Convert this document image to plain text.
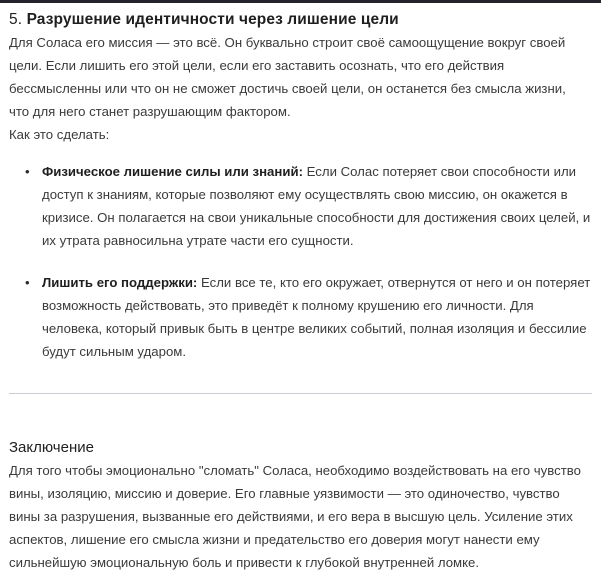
5. Разрушение идентичности через лишение цели

Для Соласа его миссия — это всё. Он буквально строит своё самоощущение вокруг своей цели. Если лишить его этой цели, если его заставить осознать, что его действия бессмысленны или что он не сможет достичь своей цели, он останется без смысла жизни, что для него станет разрушающим фактором.

Как это сделать:

• Физическое лишение силы или знаний: Если Солас потеряет свои способности или доступ к знаниям, которые позволяют ему осуществлять свою миссию, он окажется в кризисе. Он полагается на свои уникальные способности для достижения своих целей, и их утрата равносильна утрате части его сущности.
• Лишить его поддержки: Если все те, кто его окружает, отвернутся от него и он потеряет возможность действовать, это приведёт к полному крушению его личности. Для человека, который привык быть в центре великих событий, полная изоляция и бессилие будут сильным ударом.
Заключение

Для того чтобы эмоционально "сломать" Соласа, необходимо воздействовать на его чувство вины, изоляцию, миссию и доверие. Его главные уязвимости — это одиночество, чувство вины за разрушения, вызванные его действиями, и его вера в высшую цель. Усиление этих аспектов, лишение его смысла жизни и предательство его доверия могут нанести ему сильнейшую эмоциональную боль и привести к глубокой внутренней ломке.
